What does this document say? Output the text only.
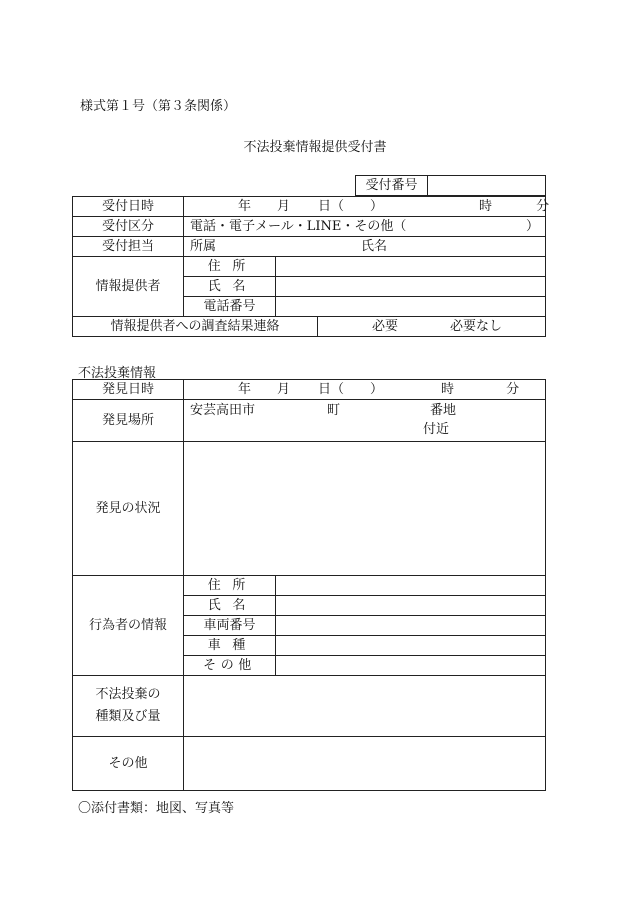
様式第１号（第３条関係）
不法投棄情報提供受付書
受付番号	
受付日時	年 月 日（　　） 時 分		
受付区分	電話・電子メール・LINE・その他（ ）		

受付担当	所属 氏名		
情報提供者	住所		
	氏名		
	電話番号		
情報提供者への調査結果連絡			必要 必要なし
不法投棄情報
発見日時	年 月 日（　　） 時 分	
発見場所	安芸高田市 町 番地
付近	

発見の状況		
行為者の情報	住所	
	氏名	
	車両番号	
	車種	
	その他	

不法投棄の
種類及び量		

その他		
〇添付書類：地図、写真等
